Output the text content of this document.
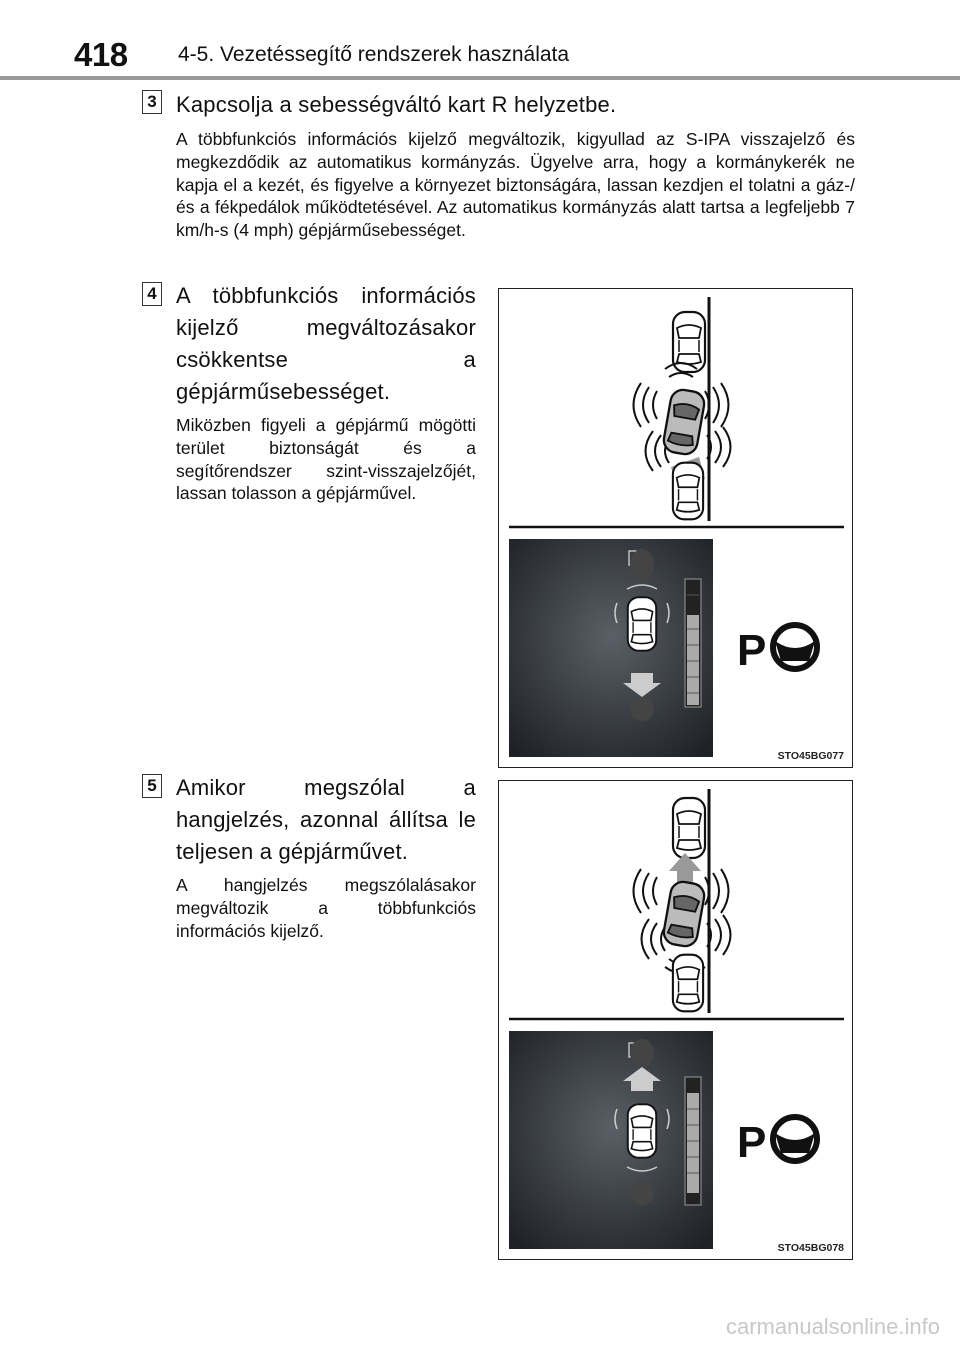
418 4-5. Vezetéssegítő rendszerek használata
3 Kapcsolja a sebességváltó kart R helyzetbe.
A többfunkciós információs kijelző megváltozik, kigyullad az S-IPA visszajelző és megkezdődik az automatikus kormányzás. Ügyelve arra, hogy a kormánykerék ne kapja el a kezét, és figyelve a környezet biztonságára, lassan kezdjen el tolatni a gáz-/és a fékpedálok működtetésével. Az automatikus kormányzás alatt tartsa a legfeljebb 7 km/h-s (4 mph) gépjárműsebességet.
4 A többfunkciós információs kijelző megváltozásakor csökkentse a gépjárműsebességet.
Miközben figyeli a gépjármű mögötti terület biztonságát és a segítőrendszer szint-visszajelzőjét, lassan tolasson a gépjárművel.
P
STO45BG077
5 Amikor megszólal a hangjelzés, azonnal állítsa le teljesen a gépjárművet.
A hangjelzés megszólalásakor megváltozik a többfunkciós információs kijelző.
P
STO45BG078
carmanualsonline.info
